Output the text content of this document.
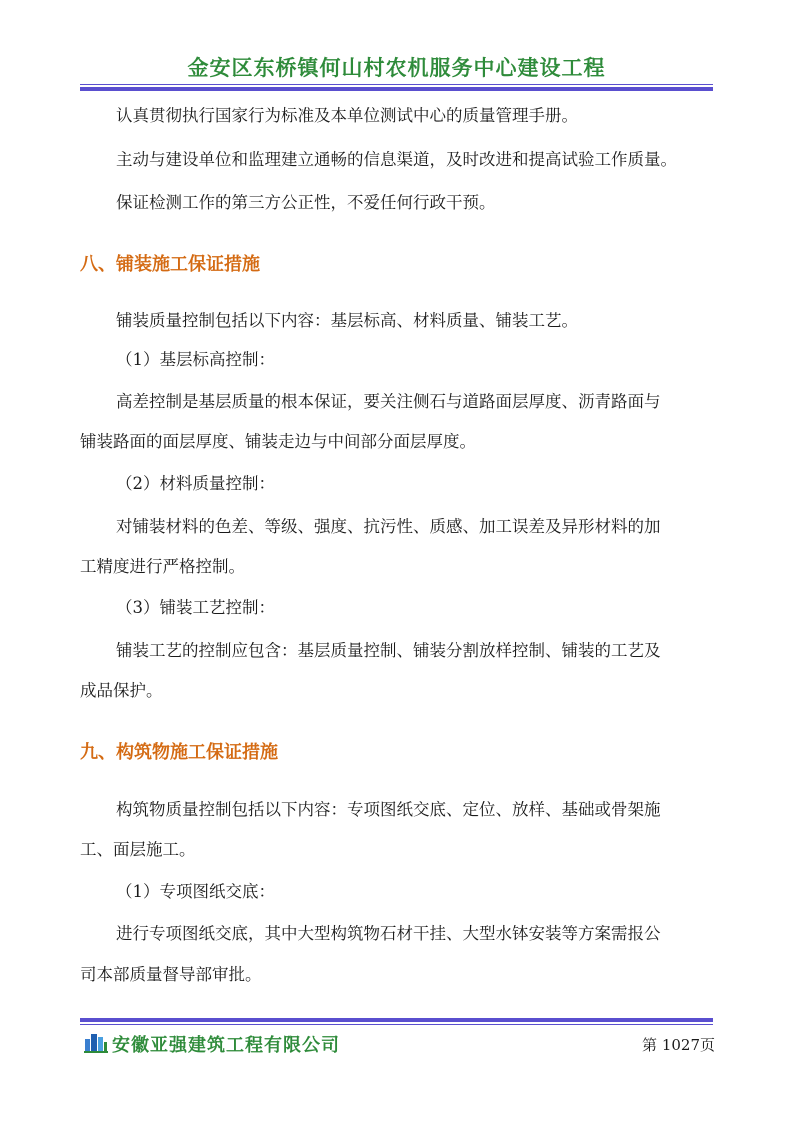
金安区东桥镇何山村农机服务中心建设工程
认真贯彻执行国家行为标准及本单位测试中心的质量管理手册。
主动与建设单位和监理建立通畅的信息渠道，及时改进和提高试验工作质量。
保证检测工作的第三方公正性，不爱任何行政干预。
八、铺装施工保证措施
铺装质量控制包括以下内容：基层标高、材料质量、铺装工艺。
（1）基层标高控制：
高差控制是基层质量的根本保证，要关注侧石与道路面层厚度、沥青路面与
铺装路面的面层厚度、铺装走边与中间部分面层厚度。
（2）材料质量控制：
对铺装材料的色差、等级、强度、抗污性、质感、加工误差及异形材料的加
工精度进行严格控制。
（3）铺装工艺控制：
铺装工艺的控制应包含：基层质量控制、铺装分割放样控制、铺装的工艺及
成品保护。
九、构筑物施工保证措施
构筑物质量控制包括以下内容：专项图纸交底、定位、放样、基础或骨架施
工、面层施工。
（1）专项图纸交底：
进行专项图纸交底，其中大型构筑物石材干挂、大型水钵安装等方案需报公
司本部质量督导部审批。
安徽亚强建筑工程有限公司	第 1027页
